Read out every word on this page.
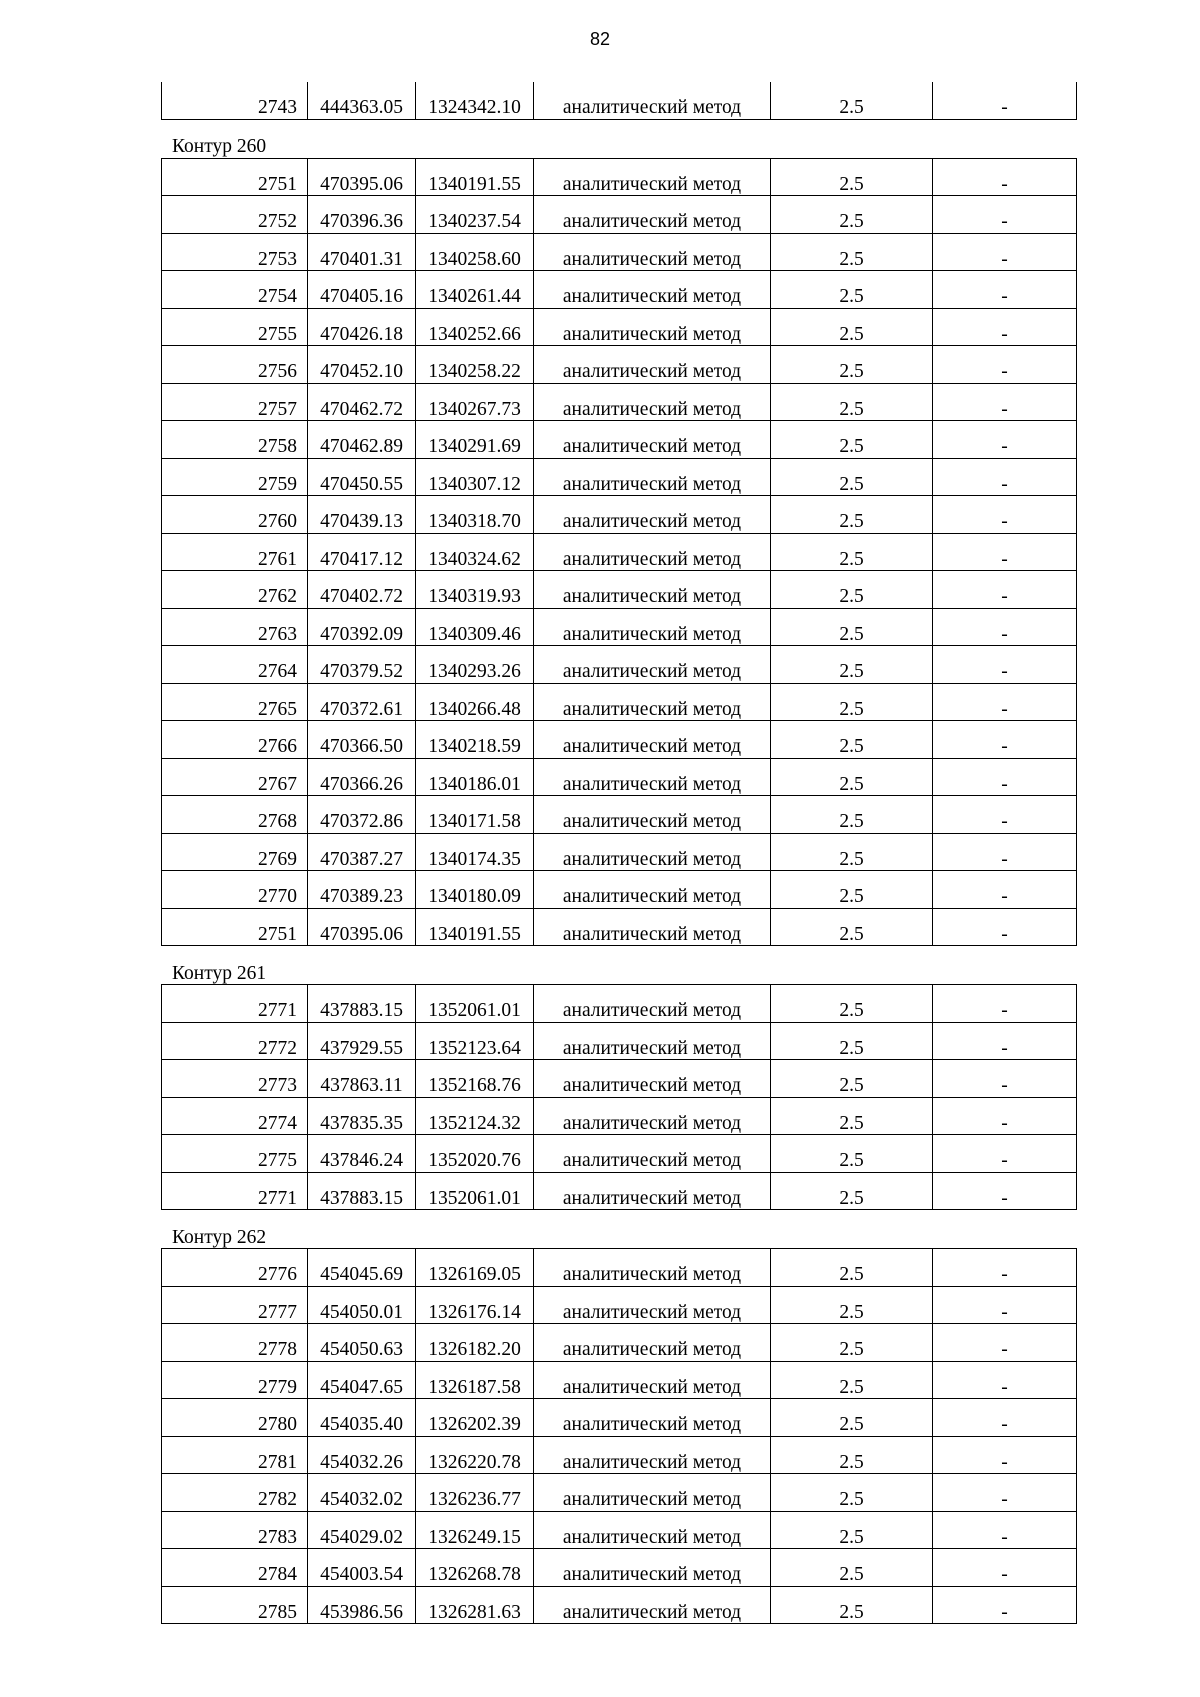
82
2743	444363.05	1324342.10	аналитический метод	2.5	-
Контур 260
2751	470395.06	1340191.55	аналитический метод	2.5	-
2752	470396.36	1340237.54	аналитический метод	2.5	-
2753	470401.31	1340258.60	аналитический метод	2.5	-
2754	470405.16	1340261.44	аналитический метод	2.5	-
2755	470426.18	1340252.66	аналитический метод	2.5	-
2756	470452.10	1340258.22	аналитический метод	2.5	-
2757	470462.72	1340267.73	аналитический метод	2.5	-
2758	470462.89	1340291.69	аналитический метод	2.5	-
2759	470450.55	1340307.12	аналитический метод	2.5	-
2760	470439.13	1340318.70	аналитический метод	2.5	-
2761	470417.12	1340324.62	аналитический метод	2.5	-
2762	470402.72	1340319.93	аналитический метод	2.5	-
2763	470392.09	1340309.46	аналитический метод	2.5	-
2764	470379.52	1340293.26	аналитический метод	2.5	-
2765	470372.61	1340266.48	аналитический метод	2.5	-
2766	470366.50	1340218.59	аналитический метод	2.5	-
2767	470366.26	1340186.01	аналитический метод	2.5	-
2768	470372.86	1340171.58	аналитический метод	2.5	-
2769	470387.27	1340174.35	аналитический метод	2.5	-
2770	470389.23	1340180.09	аналитический метод	2.5	-
2751	470395.06	1340191.55	аналитический метод	2.5	-
Контур 261
2771	437883.15	1352061.01	аналитический метод	2.5	-
2772	437929.55	1352123.64	аналитический метод	2.5	-
2773	437863.11	1352168.76	аналитический метод	2.5	-
2774	437835.35	1352124.32	аналитический метод	2.5	-
2775	437846.24	1352020.76	аналитический метод	2.5	-
2771	437883.15	1352061.01	аналитический метод	2.5	-
Контур 262
2776	454045.69	1326169.05	аналитический метод	2.5	-
2777	454050.01	1326176.14	аналитический метод	2.5	-
2778	454050.63	1326182.20	аналитический метод	2.5	-
2779	454047.65	1326187.58	аналитический метод	2.5	-
2780	454035.40	1326202.39	аналитический метод	2.5	-
2781	454032.26	1326220.78	аналитический метод	2.5	-
2782	454032.02	1326236.77	аналитический метод	2.5	-
2783	454029.02	1326249.15	аналитический метод	2.5	-
2784	454003.54	1326268.78	аналитический метод	2.5	-
2785	453986.56	1326281.63	аналитический метод	2.5	-
